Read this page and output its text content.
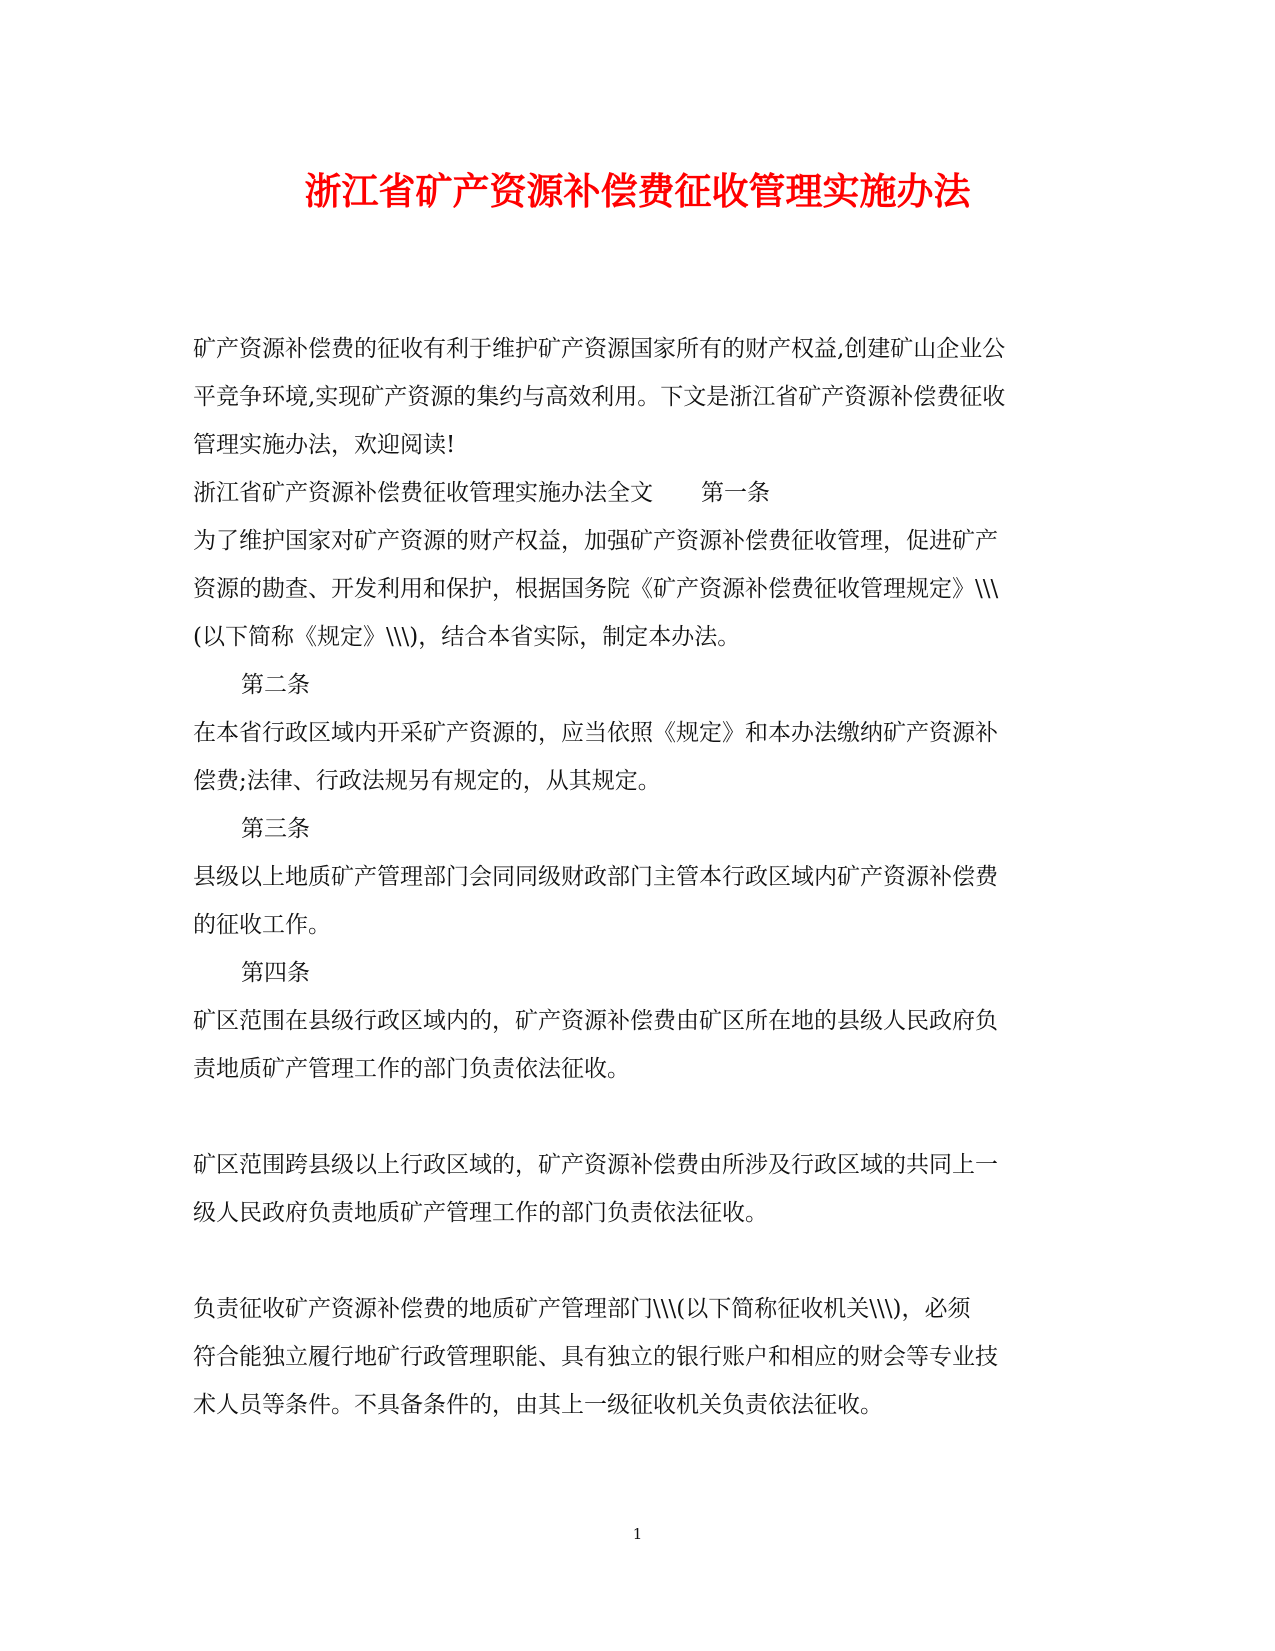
浙江省矿产资源补偿费征收管理实施办法
矿产资源补偿费的征收有利于维护矿产资源国家所有的财产权益,创建矿山企业公
平竞争环境,实现矿产资源的集约与高效利用。下文是浙江省矿产资源补偿费征收
管理实施办法，欢迎阅读!
浙江省矿产资源补偿费征收管理实施办法全文 第一条
为了维护国家对矿产资源的财产权益，加强矿产资源补偿费征收管理，促进矿产
资源的勘查、开发利用和保护，根据国务院《矿产资源补偿费征收管理规定》\\\
(以下简称《规定》\\\)，结合本省实际，制定本办法。
第二条
在本省行政区域内开采矿产资源的，应当依照《规定》和本办法缴纳矿产资源补
偿费;法律、行政法规另有规定的，从其规定。
第三条
县级以上地质矿产管理部门会同同级财政部门主管本行政区域内矿产资源补偿费
的征收工作。
第四条
矿区范围在县级行政区域内的，矿产资源补偿费由矿区所在地的县级人民政府负
责地质矿产管理工作的部门负责依法征收。
矿区范围跨县级以上行政区域的，矿产资源补偿费由所涉及行政区域的共同上一
级人民政府负责地质矿产管理工作的部门负责依法征收。
负责征收矿产资源补偿费的地质矿产管理部门\\\(以下简称征收机关\\\)，必须
符合能独立履行地矿行政管理职能、具有独立的银行账户和相应的财会等专业技
术人员等条件。不具备条件的，由其上一级征收机关负责依法征收。
1
